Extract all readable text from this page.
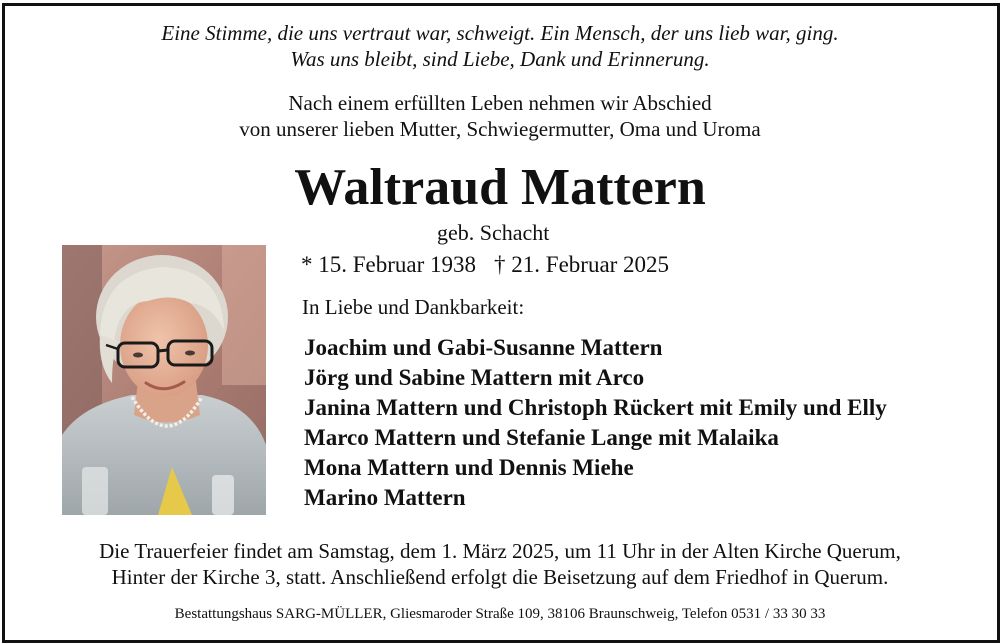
Eine Stimme, die uns vertraut war, schweigt. Ein Mensch, der uns lieb war, ging.
Was uns bleibt, sind Liebe, Dank und Erinnerung.
Nach einem erfüllten Leben nehmen wir Abschied
von unserer lieben Mutter, Schwiegermutter, Oma und Uroma
Waltraud Mattern
geb. Schacht
* 15. Februar 1938 † 21. Februar 2025
In Liebe und Dankbarkeit:
Joachim und Gabi-Susanne Mattern
Jörg und Sabine Mattern mit Arco
Janina Mattern und Christoph Rückert mit Emily und Elly
Marco Mattern und Stefanie Lange mit Malaika
Mona Mattern und Dennis Miehe
Marino Mattern
Die Trauerfeier findet am Samstag, dem 1. März 2025, um 11 Uhr in der Alten Kirche Querum,
Hinter der Kirche 3, statt. Anschließend erfolgt die Beisetzung auf dem Friedhof in Querum.
Bestattungshaus SARG-MÜLLER, Gliesmaroder Straße 109, 38106 Braunschweig, Telefon 0531 / 33 30 33
